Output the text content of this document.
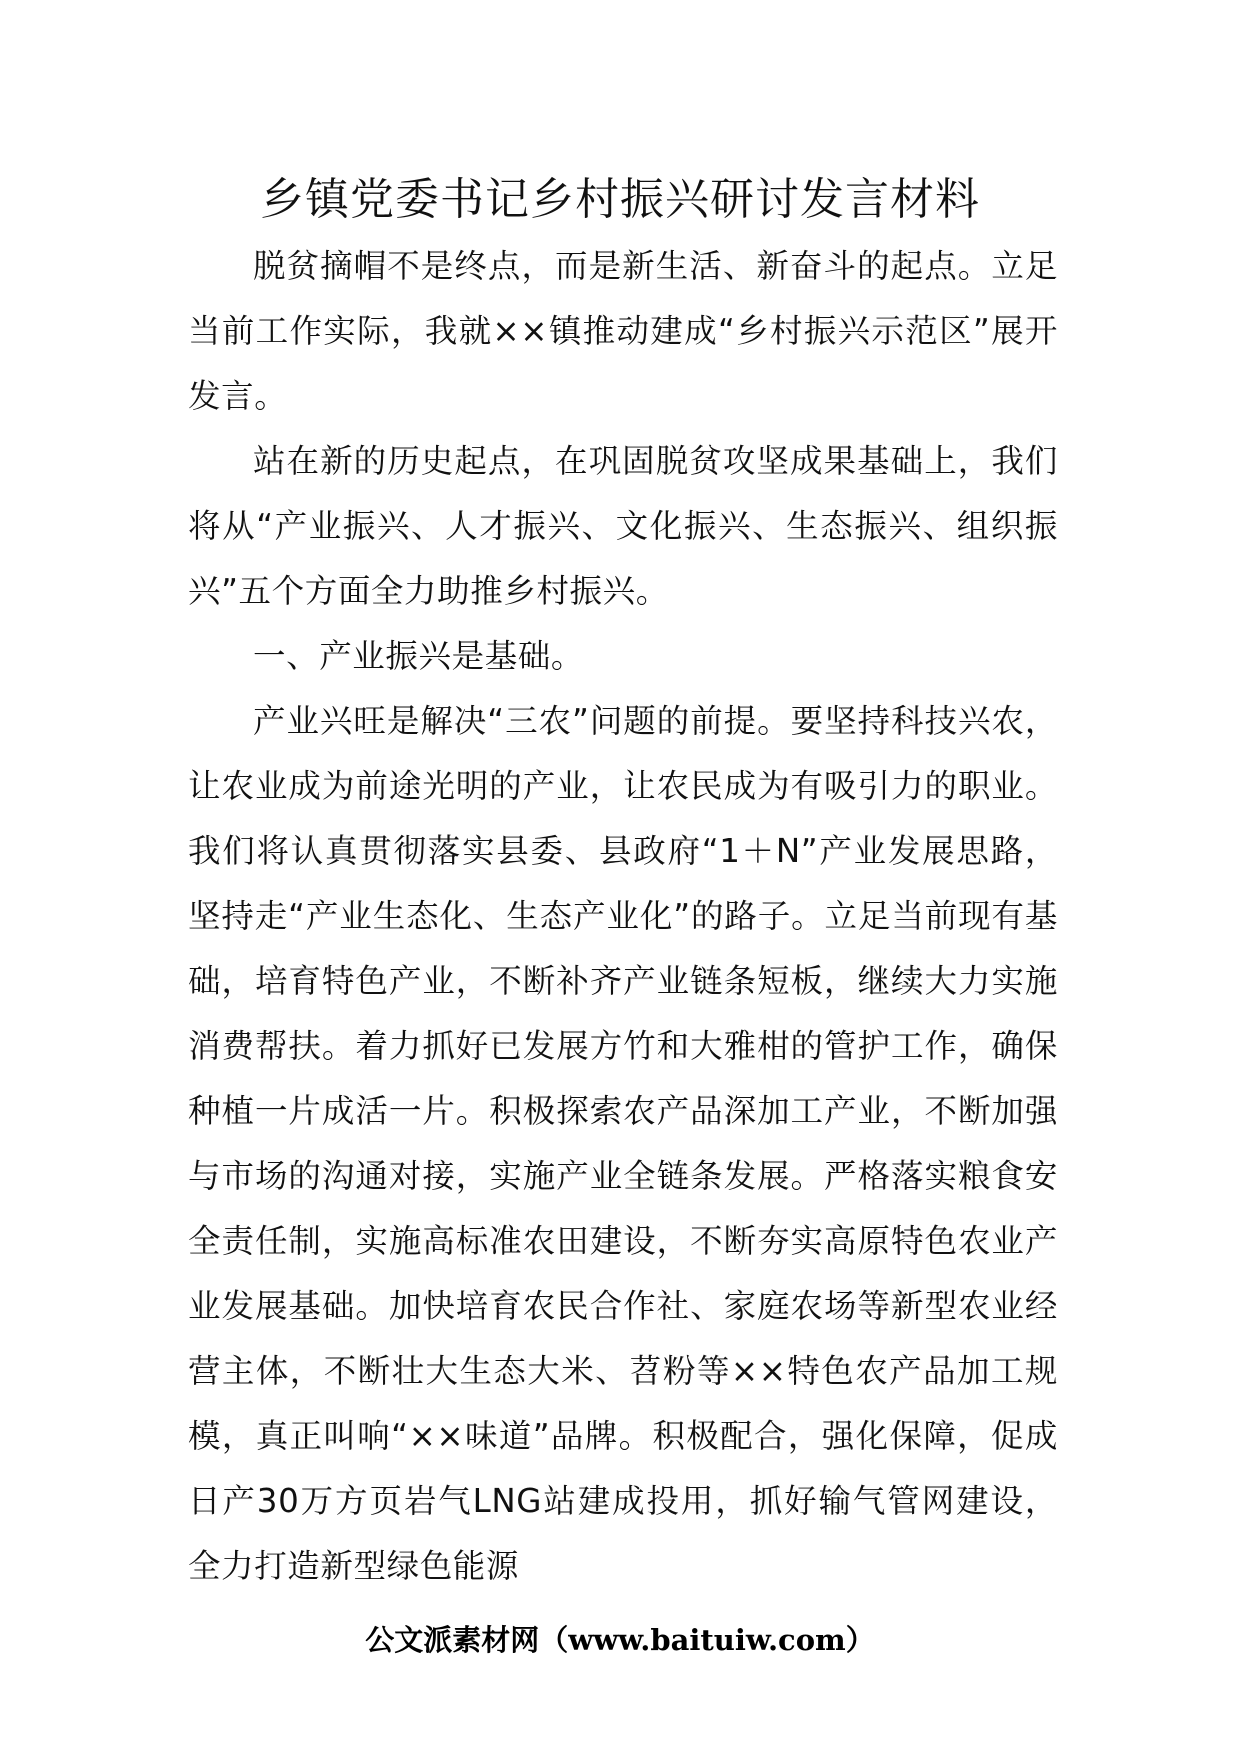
乡镇党委书记乡村振兴研讨发言材料

脱贫摘帽不是终点，而是新生活、新奋斗的起点。立足当前工作实际，我就××镇推动建成“乡村振兴示范区”展开发言。

站在新的历史起点，在巩固脱贫攻坚成果基础上，我们将从“产业振兴、人才振兴、文化振兴、生态振兴、组织振兴”五个方面全力助推乡村振兴。

一、产业振兴是基础。

产业兴旺是解决“三农”问题的前提。要坚持科技兴农，让农业成为前途光明的产业，让农民成为有吸引力的职业。我们将认真贯彻落实县委、县政府“1＋N”产业发展思路，坚持走“产业生态化、生态产业化”的路子。立足当前现有基础，培育特色产业，不断补齐产业链条短板，继续大力实施消费帮扶。着力抓好已发展方竹和大雅柑的管护工作，确保种植一片成活一片。积极探索农产品深加工产业，不断加强与市场的沟通对接，实施产业全链条发展。严格落实粮食安全责任制，实施高标准农田建设，不断夯实高原特色农业产业发展基础。加快培育农民合作社、家庭农场等新型农业经营主体，不断壮大生态大米、苕粉等××特色农产品加工规模，真正叫响“××味道”品牌。积极配合，强化保障，促成日产30万方页岩气LNG站建成投用，抓好输气管网建设，全力打造新型绿色能源

公文派素材网（www.baituiw.com）
